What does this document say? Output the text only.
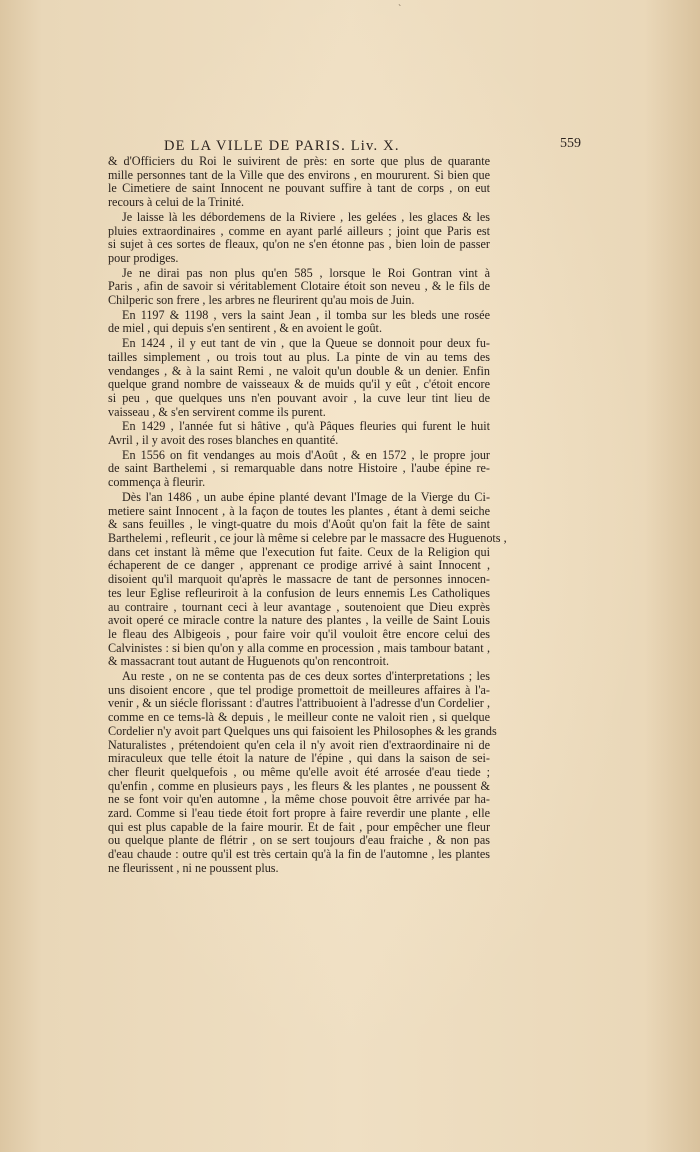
`
DE LA VILLE DE PARIS. Liv. X.	559

& d'Officiers du Roi le suivirent de près: en sorte que plus de quarante
mille personnes tant de la Ville que des environs , en moururent. Si bien que
le Cimetiere de saint Innocent ne pouvant suffire à tant de corps , on eut
recours à celui de la Trinité.

Je laisse là les débordemens de la Riviere , les gelées , les glaces & les
pluies extraordinaires , comme en ayant parlé ailleurs ; joint que Paris est
si sujet à ces sortes de fleaux, qu'on ne s'en étonne pas , bien loin de passer
pour prodiges.

Je ne dirai pas non plus qu'en 585 , lorsque le Roi Gontran vint à
Paris , afin de savoir si véritablement Clotaire étoit son neveu , & le fils de
Chilperic son frere , les arbres ne fleurirent qu'au mois de Juin.

En 1197 & 1198 , vers la saint Jean , il tomba sur les bleds une rosée
de miel , qui depuis s'en sentirent , & en avoient le goût.

En 1424 , il y eut tant de vin , que la Queue se donnoit pour deux fu-
tailles simplement , ou trois tout au plus. La pinte de vin au tems des
vendanges , & à la saint Remi , ne valoit qu'un double & un denier. Enfin
quelque grand nombre de vaisseaux & de muids qu'il y eût , c'étoit encore
si peu , que quelques uns n'en pouvant avoir , la cuve leur tint lieu de
vaisseau , & s'en servirent comme ils purent.

En 1429 , l'année fut si hâtive , qu'à Pâques fleuries qui furent le huit
Avril , il y avoit des roses blanches en quantité.

En 1556 on fit vendanges au mois d'Août , & en 1572 , le propre jour
de saint Barthelemi , si remarquable dans notre Histoire , l'aube épine re-
commença à fleurir.

Dès l'an 1486 , un aube épine planté devant l'Image de la Vierge du Ci-
metiere saint Innocent , à la façon de toutes les plantes , étant à demi seiche
& sans feuilles , le vingt-quatre du mois d'Août qu'on fait la fête de saint
Barthelemi , refleurit , ce jour là même si celebre par le massacre des Huguenots ,
dans cet instant là même que l'execution fut faite. Ceux de la Religion qui
échaperent de ce danger , apprenant ce prodige arrivé à saint Innocent ,
disoient qu'il marquoit qu'après le massacre de tant de personnes innocen-
tes leur Eglise refleuriroit à la confusion de leurs ennemis Les Catholiques
au contraire , tournant ceci à leur avantage , soutenoient que Dieu exprès
avoit operé ce miracle contre la nature des plantes , la veille de Saint Louis
le fleau des Albigeois , pour faire voir qu'il vouloit être encore celui des
Calvinistes : si bien qu'on y alla comme en procession , mais tambour batant ,
& massacrant tout autant de Huguenots qu'on rencontroit.

Au reste , on ne se contenta pas de ces deux sortes d'interpretations ; les
uns disoient encore , que tel prodige promettoit de meilleures affaires à l'a-
venir , & un siécle florissant : d'autres l'attribuoient à l'adresse d'un Cordelier ,
comme en ce tems-là & depuis , le meilleur conte ne valoit rien , si quelque
Cordelier n'y avoit part Quelques uns qui faisoient les Philosophes & les grands
Naturalistes , prétendoient qu'en cela il n'y avoit rien d'extraordinaire ni de
miraculeux que telle étoit la nature de l'épine , qui dans la saison de sei-
cher fleurit quelquefois , ou même qu'elle avoit été arrosée d'eau tiede ;
qu'enfin , comme en plusieurs pays , les fleurs & les plantes , ne poussent &
ne se font voir qu'en automne , la même chose pouvoit être arrivée par ha-
zard. Comme si l'eau tiede étoit fort propre à faire reverdir une plante , elle
qui est plus capable de la faire mourir. Et de fait , pour empêcher une fleur
ou quelque plante de flétrir , on se sert toujours d'eau fraiche , & non pas
d'eau chaude : outre qu'il est très certain qu'à la fin de l'automne , les plantes
ne fleurissent , ni ne poussent plus.
